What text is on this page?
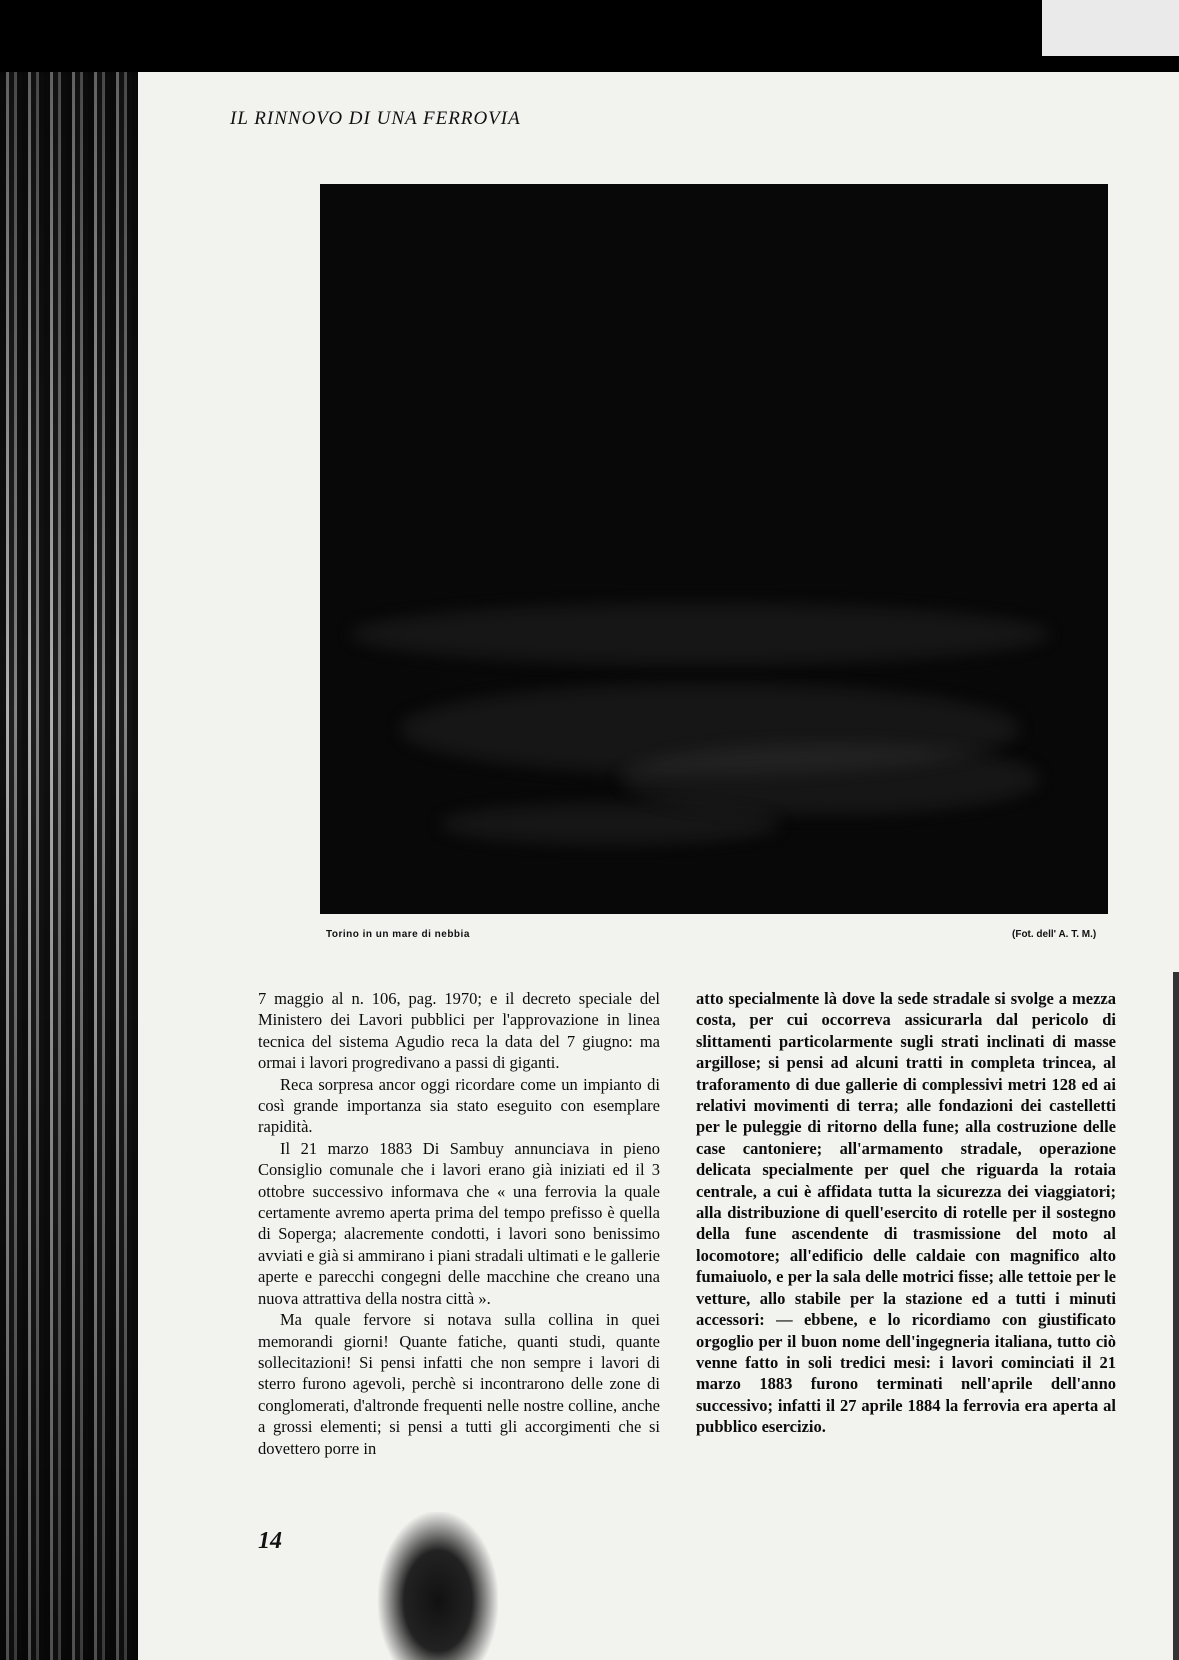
IL RINNOVO DI UNA FERROVIA
Torino in un mare di nebbia	(Fot. dell' A. T. M.)

7 maggio al n. 106, pag. 1970; e il decreto speciale del Ministero dei Lavori pubblici per l'approvazione in linea tecnica del sistema Agudio reca la data del 7 giugno: ma ormai i lavori progredivano a passi di giganti.

Reca sorpresa ancor oggi ricordare come un impianto di così grande importanza sia stato eseguito con esemplare rapidità.

Il 21 marzo 1883 Di Sambuy annunciava in pieno Consiglio comunale che i lavori erano già iniziati ed il 3 ottobre successivo informava che « una ferrovia la quale certamente avremo aperta prima del tempo prefisso è quella di Soperga; alacremente condotti, i lavori sono benissimo avviati e già si ammirano i piani stradali ultimati e le gallerie aperte e parecchi congegni delle macchine che creano una nuova attrattiva della nostra città ».

Ma quale fervore si notava sulla collina in quei memorandi giorni! Quante fatiche, quanti studi, quante sollecitazioni! Si pensi infatti che non sempre i lavori di sterro furono agevoli, perchè si incontrarono delle zone di conglomerati, d'altronde frequenti nelle nostre colline, anche a grossi elementi; si pensi a tutti gli accorgimenti che si dovettero porre in

atto specialmente là dove la sede stradale si svolge a mezza costa, per cui occorreva assicurarla dal pericolo di slittamenti particolarmente sugli strati inclinati di masse argillose; si pensi ad alcuni tratti in completa trincea, al traforamento di due gallerie di complessivi metri 128 ed ai relativi movimenti di terra; alle fondazioni dei castelletti per le puleggie di ritorno della fune; alla costruzione delle case cantoniere; all'armamento stradale, operazione delicata specialmente per quel che riguarda la rotaia centrale, a cui è affidata tutta la sicurezza dei viaggiatori; alla distribuzione di quell'esercito di rotelle per il sostegno della fune ascendente di trasmissione del moto al locomotore; all'edificio delle caldaie con magnifico alto fumaiuolo, e per la sala delle motrici fisse; alle tettoie per le vetture, allo stabile per la stazione ed a tutti i minuti accessori: — ebbene, e lo ricordiamo con giustificato orgoglio per il buon nome dell'ingegneria italiana, tutto ciò venne fatto in soli tredici mesi: i lavori cominciati il 21 marzo 1883 furono terminati nell'aprile dell'anno successivo; infatti il 27 aprile 1884 la ferrovia era aperta al pubblico esercizio.

14
